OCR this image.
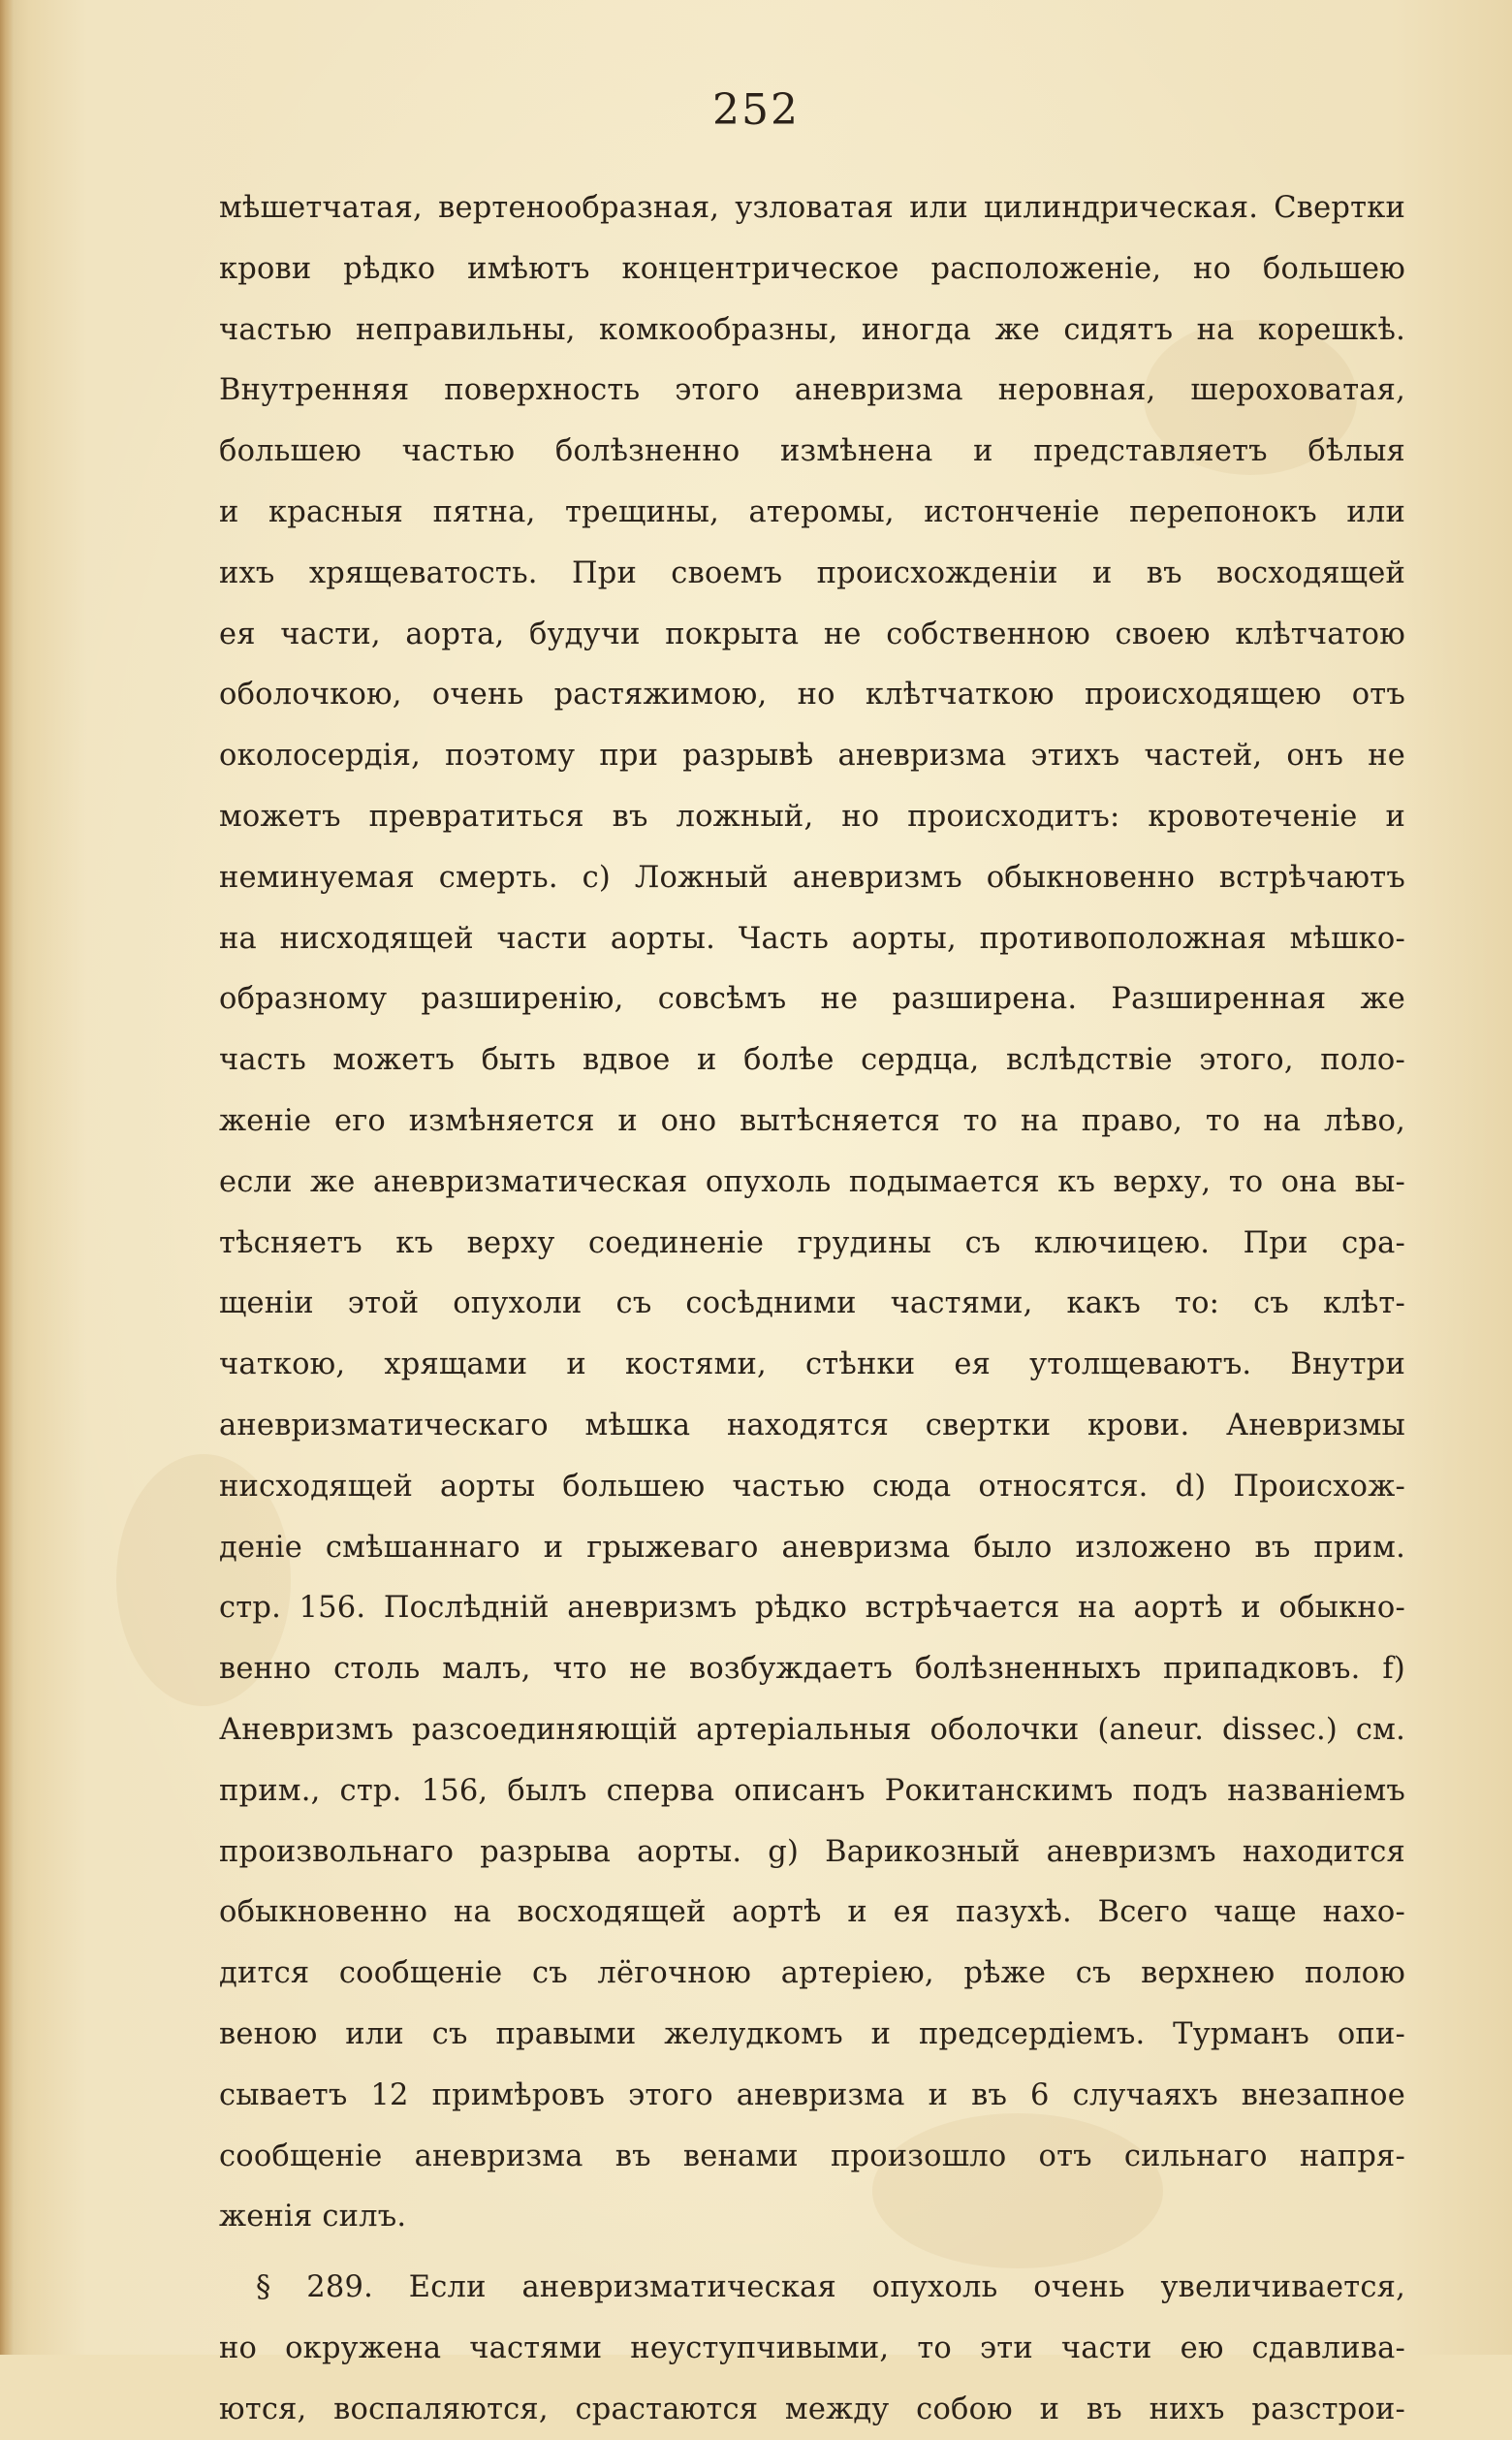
252
мѣшетчатая, вертенообразная, узловатая или цилиндрическая. Свертки
крови рѣдко имѣютъ концентрическое расположеніе, но большею
частью неправильны, комкообразны, иногда же сидятъ на корешкѣ.
Внутренняя поверхность этого аневризма неровная, шероховатая,
большею частью болѣзненно измѣнена и представляетъ бѣлыя
и красныя пятна, трещины, атеромы, истонченіе перепонокъ или
ихъ хрящеватость. При своемъ происхожденіи и въ восходящей
ея части, аорта, будучи покрыта не собственною своею клѣтчатою
оболочкою, очень растяжимою, но клѣтчаткою происходящею отъ
околосердія, поэтому при разрывѣ аневризма этихъ частей, онъ не
можетъ превратиться въ ложный, но происходитъ: кровотеченіе и
неминуемая смерть. c) Ложный аневризмъ обыкновенно встрѣчаютъ
на нисходящей части аорты. Часть аорты, противоположная мѣшко-
образному разширенію, совсѣмъ не разширена. Разширенная же
часть можетъ быть вдвое и болѣе сердца, вслѣдствіе этого, поло-
женіе его измѣняется и оно вытѣсняется то на право, то на лѣво,
если же аневризматическая опухоль подымается къ верху, то она вы-
тѣсняетъ къ верху соединеніе грудины съ ключицею. При сра-
щеніи этой опухоли съ сосѣдними частями, какъ то: съ клѣт-
чаткою, хрящами и костями, стѣнки ея утолщеваютъ. Внутри
аневризматическаго мѣшка находятся свертки крови. Аневризмы
нисходящей аорты большею частью сюда относятся. d) Происхож-
деніе смѣшаннаго и грыжеваго аневризма было изложено въ прим.
стр. 156. Послѣдній аневризмъ рѣдко встрѣчается на аортѣ и обыкно-
венно столь малъ, что не возбуждаетъ болѣзненныхъ припадковъ. f)
Аневризмъ разсоединяющій артеріальныя оболочки (aneur. dissec.) см.
прим., стр. 156, былъ сперва описанъ Рокитанскимъ подъ названіемъ
произвольнаго разрыва аорты. g) Варикозный аневризмъ находится
обыкновенно на восходящей аортѣ и ея пазухѣ. Всего чаще нахо-
дится сообщеніе съ лёгочною артеріею, рѣже съ верхнею полою
веною или съ правыми желудкомъ и предсердіемъ. Турманъ опи-
сываетъ 12 примѣровъ этого аневризма и въ 6 случаяхъ внезапное
сообщеніе аневризма въ венами произошло отъ сильнаго напря-
женія силъ.
§ 289. Если аневризматическая опухоль очень увеличивается,
но окружена частями неуступчивыми, то эти части ею сдавлива-
ются, воспаляются, срастаются между собою и въ нихъ разстрои-
